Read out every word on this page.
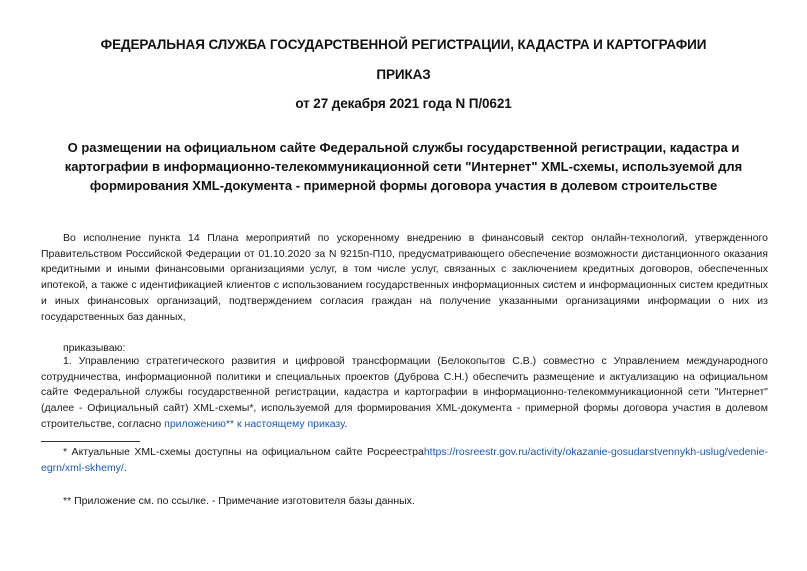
ФЕДЕРАЛЬНАЯ СЛУЖБА ГОСУДАРСТВЕННОЙ РЕГИСТРАЦИИ, КАДАСТРА И КАРТОГРАФИИ
ПРИКАЗ
от 27 декабря 2021 года N П/0621
О размещении на официальном сайте Федеральной службы государственной регистрации, кадастра и
картографии в информационно-телекоммуникационной сети "Интернет" XML-схемы, используемой для
формирования XML-документа - примерной формы договора участия в долевом строительстве
Во исполнение пункта 14 Плана мероприятий по ускоренному внедрению в финансовый сектор онлайн-технологий, утвержденного Правительством Российской Федерации от 01.10.2020 за N 9215п-П10, предусматривающего обеспечение возможности дистанционного оказания кредитными и иными финансовыми организациями услуг, в том числе услуг, связанных с заключением кредитных договоров, обеспеченных ипотекой, а также с идентификацией клиентов с использованием государственных информационных систем и информационных систем кредитных и иных финансовых организаций, подтверждением согласия граждан на получение указанными организациями информации о них из государственных баз данных,
приказываю:
1. Управлению стратегического развития и цифровой трансформации (Белокопытов С.В.) совместно с Управлением международного сотрудничества, информационной политики и специальных проектов (Дуброва С.Н.) обеспечить размещение и актуализацию на официальном сайте Федеральной службы государственной регистрации, кадастра и картографии в информационно-телекоммуникационной сети "Интернет" (далее - Официальный сайт) XML-схемы*, используемой для формирования XML-документа - примерной формы договора участия в долевом строительстве, согласно приложению** к настоящему приказу.
* Актуальные XML-схемы доступны на официальном сайте Росреестраhttps://rosreestr.gov.ru/activity/okazanie-gosudarstvennykh-uslug/vedenie-egrn/xml-skhemy/.
** Приложение см. по ссылке. - Примечание изготовителя базы данных.
